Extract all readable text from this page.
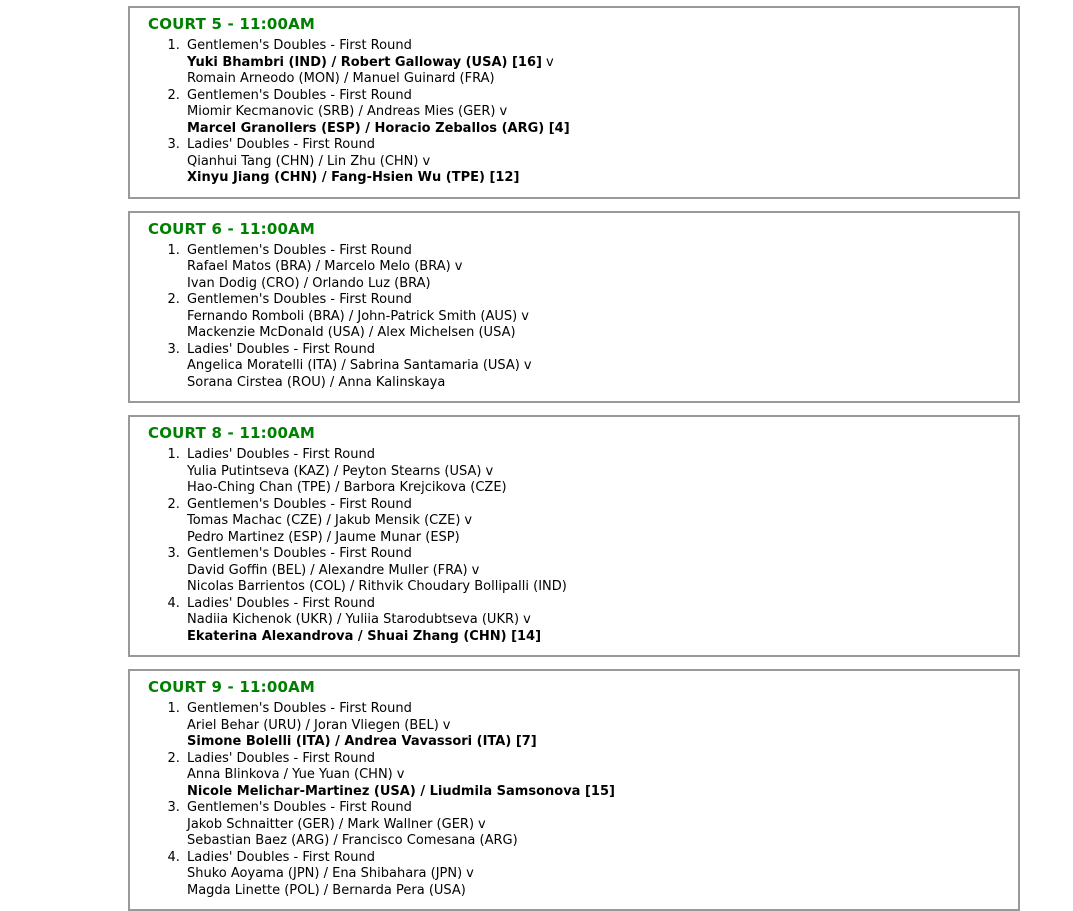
COURT 5 - 11:00AM
1. Gentlemen's Doubles - First Round
Yuki Bhambri (IND) / Robert Galloway (USA) [16] v
Romain Arneodo (MON) / Manuel Guinard (FRA)
2. Gentlemen's Doubles - First Round
Miomir Kecmanovic (SRB) / Andreas Mies (GER) v
Marcel Granollers (ESP) / Horacio Zeballos (ARG) [4]
3. Ladies' Doubles - First Round
Qianhui Tang (CHN) / Lin Zhu (CHN) v
Xinyu Jiang (CHN) / Fang-Hsien Wu (TPE) [12]
COURT 6 - 11:00AM
1. Gentlemen's Doubles - First Round
Rafael Matos (BRA) / Marcelo Melo (BRA) v
Ivan Dodig (CRO) / Orlando Luz (BRA)
2. Gentlemen's Doubles - First Round
Fernando Romboli (BRA) / John-Patrick Smith (AUS) v
Mackenzie McDonald (USA) / Alex Michelsen (USA)
3. Ladies' Doubles - First Round
Angelica Moratelli (ITA) / Sabrina Santamaria (USA) v
Sorana Cirstea (ROU) / Anna Kalinskaya
COURT 8 - 11:00AM
1. Ladies' Doubles - First Round
Yulia Putintseva (KAZ) / Peyton Stearns (USA) v
Hao-Ching Chan (TPE) / Barbora Krejcikova (CZE)
2. Gentlemen's Doubles - First Round
Tomas Machac (CZE) / Jakub Mensik (CZE) v
Pedro Martinez (ESP) / Jaume Munar (ESP)
3. Gentlemen's Doubles - First Round
David Goffin (BEL) / Alexandre Muller (FRA) v
Nicolas Barrientos (COL) / Rithvik Choudary Bollipalli (IND)
4. Ladies' Doubles - First Round
Nadiia Kichenok (UKR) / Yuliia Starodubtseva (UKR) v
Ekaterina Alexandrova / Shuai Zhang (CHN) [14]
COURT 9 - 11:00AM
1. Gentlemen's Doubles - First Round
Ariel Behar (URU) / Joran Vliegen (BEL) v
Simone Bolelli (ITA) / Andrea Vavassori (ITA) [7]
2. Ladies' Doubles - First Round
Anna Blinkova / Yue Yuan (CHN) v
Nicole Melichar-Martinez (USA) / Liudmila Samsonova [15]
3. Gentlemen's Doubles - First Round
Jakob Schnaitter (GER) / Mark Wallner (GER) v
Sebastian Baez (ARG) / Francisco Comesana (ARG)
4. Ladies' Doubles - First Round
Shuko Aoyama (JPN) / Ena Shibahara (JPN) v
Magda Linette (POL) / Bernarda Pera (USA)
